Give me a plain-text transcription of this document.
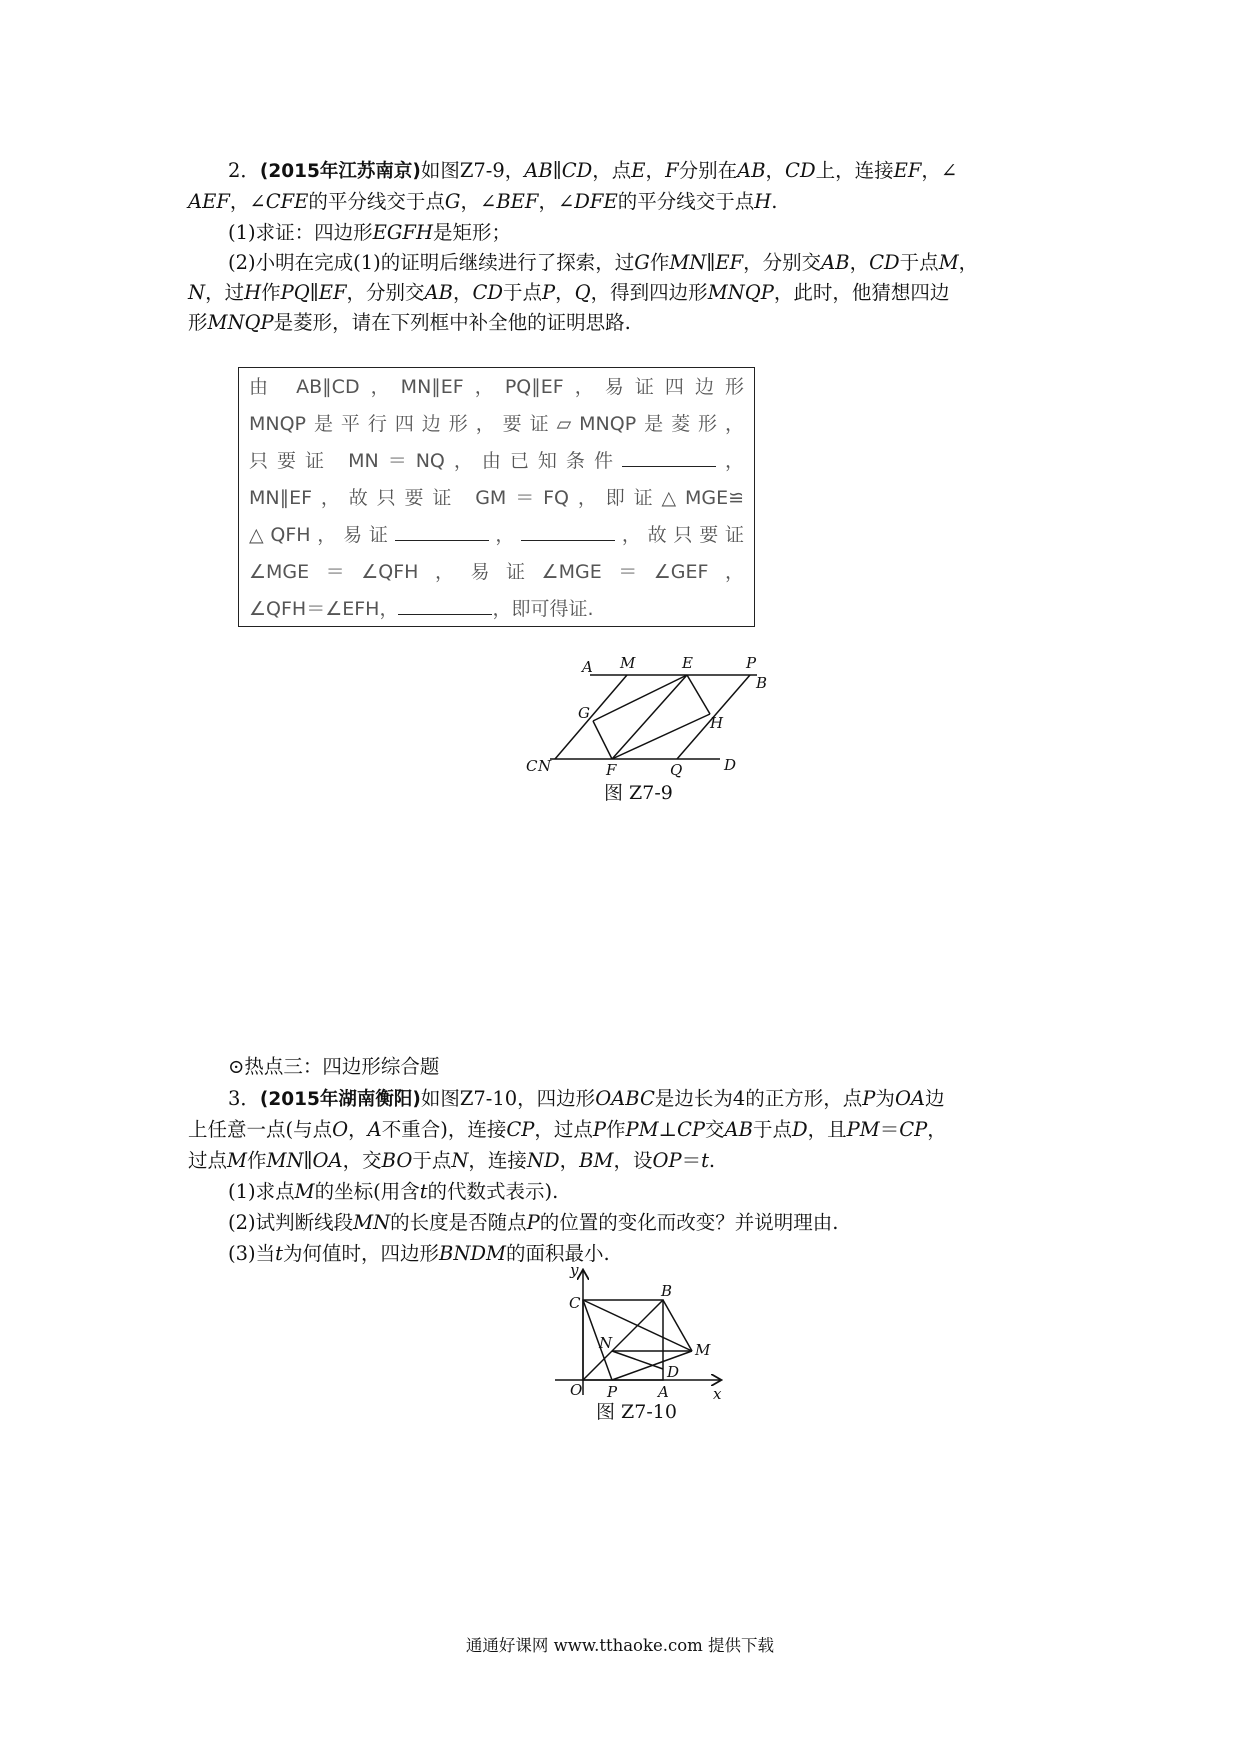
2．(2015年江苏南京)如图Z7-9，AB∥CD，点E，F分别在AB，CD上，连接EF，∠
AEF，∠CFE的平分线交于点G，∠BEF，∠DFE的平分线交于点H.
(1)求证：四边形EGFH是矩形；
(2)小明在完成(1)的证明后继续进行了探索，过G作MN∥EF，分别交AB，CD于点M，
N，过H作PQ∥EF，分别交AB，CD于点P，Q，得到四边形MNQP，此时，他猜想四边
形MNQP是菱形，请在下列框中补全他的证明思路.
由 AB∥CD，MN∥EF，PQ∥EF，易证四边形
MNQP是平行四边形，要证▱MNQP是菱形，
只要证 MN＝NQ，由已知条件	，
MN∥EF，故只要证 GM＝FQ，即证△MGE≌
△QFH，易证	，	，故只要证
∠MGE＝∠QFH，易证∠MGE＝∠GEF，
∠QFH＝∠EFH，	，即可得证.
A M	E	P
B
G
H
C N	F	Q	D
图 Z7-9
⊙热点三：四边形综合题
3．(2015年湖南衡阳)如图Z7-10，四边形OABC是边长为4的正方形，点P为OA边
上任意一点(与点O，A不重合)，连接CP，过点P作PM⊥CP交AB于点D，且PM＝CP，
过点M作MN∥OA，交BO于点N，连接ND，BM，设OP＝t.
(1)求点M的坐标(用含t的代数式表示).
(2)试判断线段MN的长度是否随点P的位置的变化而改变？并说明理由.
(3)当t为何值时，四边形BNDM的面积最小.
y
x
C
B
N	M
D
O P	A
图 Z7-10
通通好课网 www.tthaoke.com 提供下载
